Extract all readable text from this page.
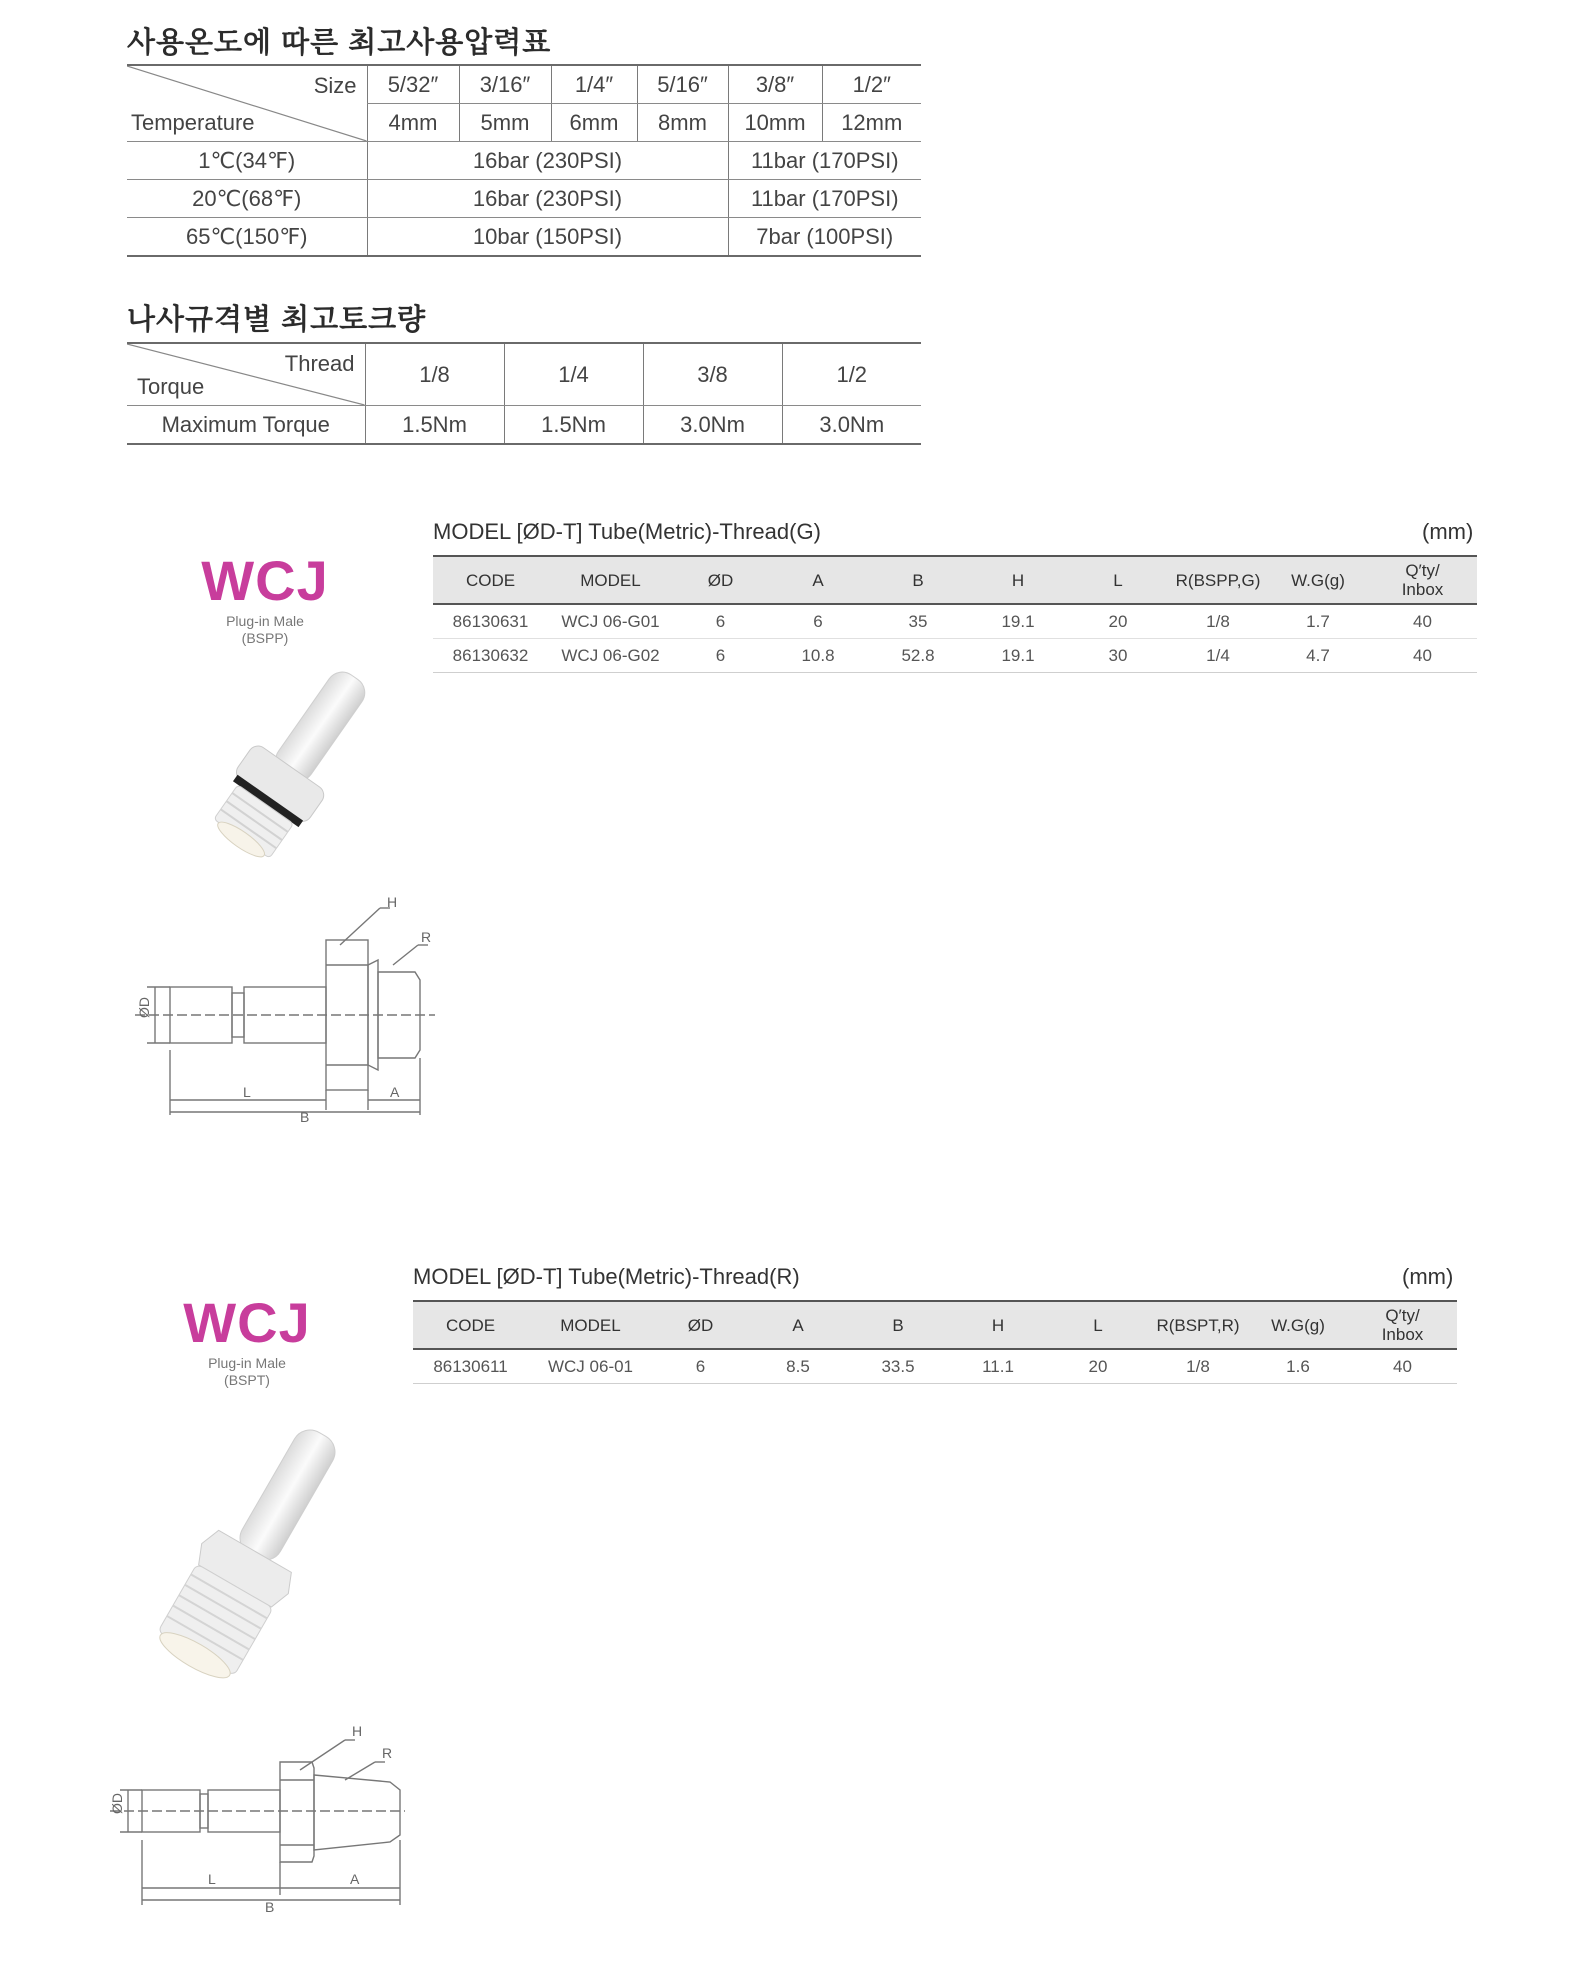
사용온도에 따른 최고사용압력표
Size
Temperature	5/32″	3/16″	1/4″	5/16″	3/8″	1/2″
	4mm	5mm	6mm	8mm	10mm	12mm
1℃(34℉)	16bar (230PSI)				11bar (170PSI)	
20℃(68℉)	16bar (230PSI)				11bar (170PSI)	
65℃(150℉)	10bar (150PSI)				7bar (100PSI)	
나사규격별 최고토크량
Thread
Torque	1/8	1/4	3/8	1/2
Maximum Torque	1.5Nm	1.5Nm	3.0Nm	3.0Nm
WCJ
Plug-in Male
(BSPP)
H
R
ØD
L	A
B
MODEL [ØD-T] Tube(Metric)-Thread(G)	(mm)
CODE	MODEL	ØD	A	B	H	L	R(BSPP,G)	W.G(g)	Q′ty/
Inbox

86130631	WCJ 06-G01	6	6	35	19.1	20	1/8	1.7	40
86130632	WCJ 06-G02	6	10.8	52.8	19.1	30	1/4	4.7	40
WCJ
Plug-in Male
(BSPT)
H
R
ØD
L	A
B
MODEL [ØD-T] Tube(Metric)-Thread(R)	(mm)
CODE	MODEL	ØD	A	B	H	L	R(BSPT,R)	W.G(g)	Q′ty/
Inbox

86130611	WCJ 06-01	6	8.5	33.5	11.1	20	1/8	1.6	40
